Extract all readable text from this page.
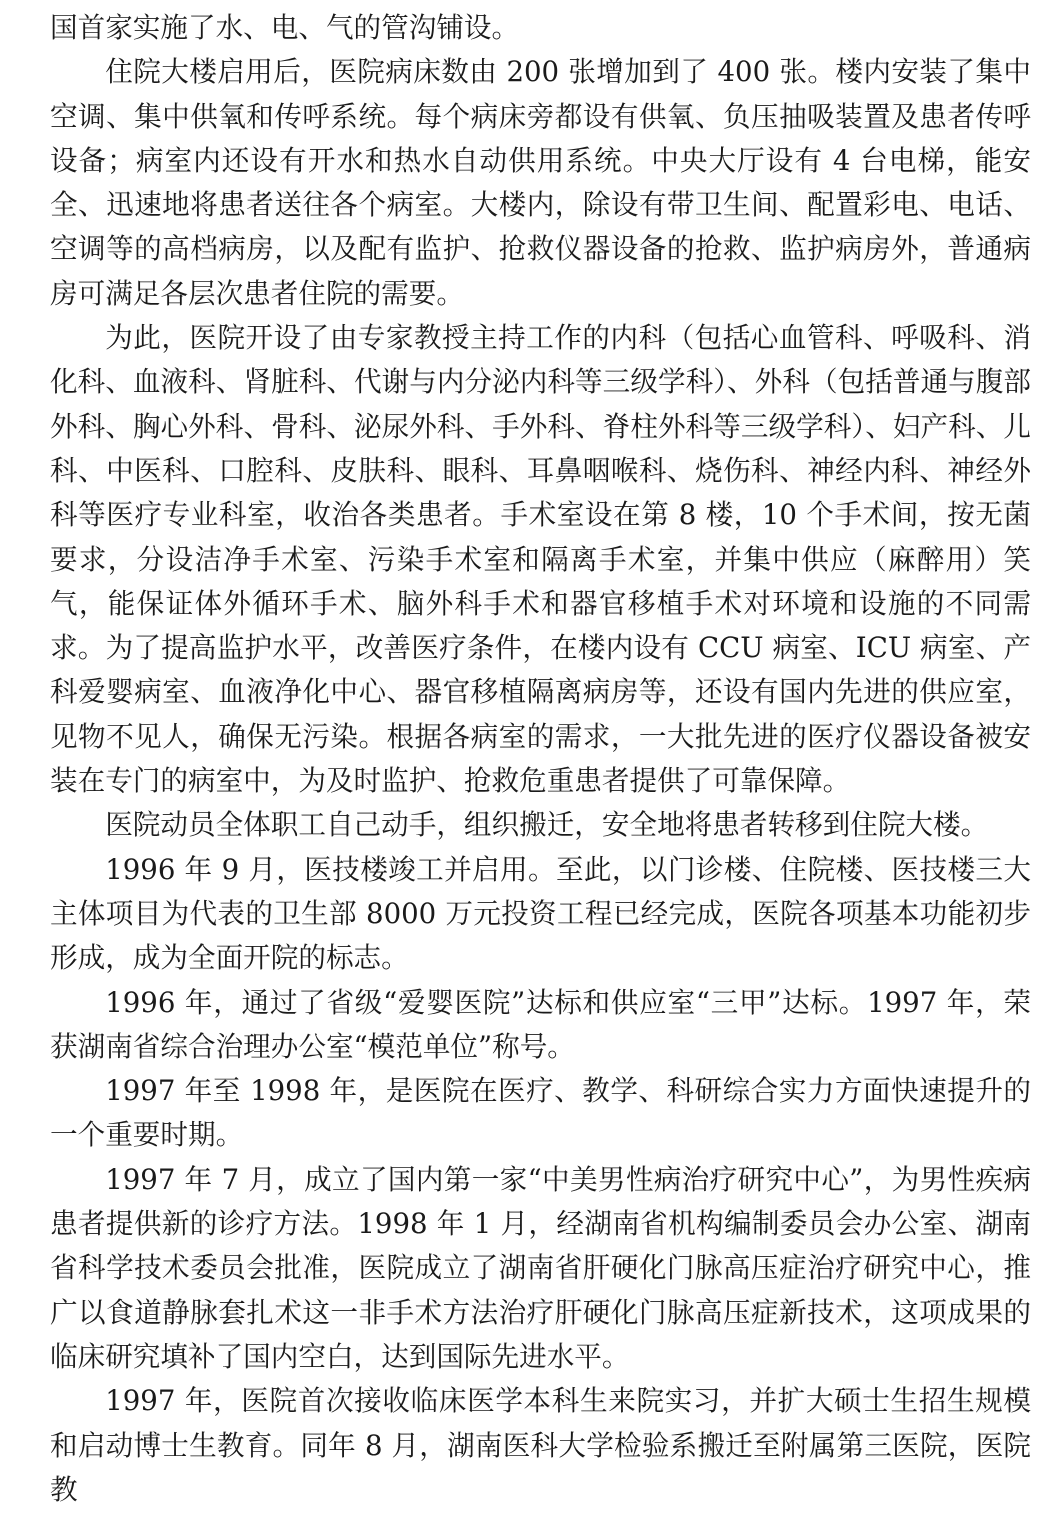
国首家实施了水、电、气的管沟铺设。

住院大楼启用后，医院病床数由 200 张增加到了 400 张。楼内安装了集中空调、集中供氧和传呼系统。每个病床旁都设有供氧、负压抽吸装置及患者传呼设备；病室内还设有开水和热水自动供用系统。中央大厅设有 4 台电梯，能安全、迅速地将患者送往各个病室。大楼内，除设有带卫生间、配置彩电、电话、空调等的高档病房，以及配有监护、抢救仪器设备的抢救、监护病房外，普通病房可满足各层次患者住院的需要。

为此，医院开设了由专家教授主持工作的内科（包括心血管科、呼吸科、消化科、血液科、肾脏科、代谢与内分泌内科等三级学科）、外科（包括普通与腹部外科、胸心外科、骨科、泌尿外科、手外科、脊柱外科等三级学科）、妇产科、儿科、中医科、口腔科、皮肤科、眼科、耳鼻咽喉科、烧伤科、神经内科、神经外科等医疗专业科室，收治各类患者。手术室设在第 8 楼，10 个手术间，按无菌要求，分设洁净手术室、污染手术室和隔离手术室，并集中供应（麻醉用）笑气，能保证体外循环手术、脑外科手术和器官移植手术对环境和设施的不同需求。为了提高监护水平，改善医疗条件，在楼内设有 CCU 病室、ICU 病室、产科爱婴病室、血液净化中心、器官移植隔离病房等，还设有国内先进的供应室，见物不见人，确保无污染。根据各病室的需求，一大批先进的医疗仪器设备被安装在专门的病室中，为及时监护、抢救危重患者提供了可靠保障。

医院动员全体职工自己动手，组织搬迁，安全地将患者转移到住院大楼。

1996 年 9 月，医技楼竣工并启用。至此，以门诊楼、住院楼、医技楼三大主体项目为代表的卫生部 8000 万元投资工程已经完成，医院各项基本功能初步形成，成为全面开院的标志。

1996 年，通过了省级“爱婴医院”达标和供应室“三甲”达标。1997 年，荣获湖南省综合治理办公室“模范单位”称号。

1997 年至 1998 年，是医院在医疗、教学、科研综合实力方面快速提升的一个重要时期。

1997 年 7 月，成立了国内第一家“中美男性病治疗研究中心”，为男性疾病患者提供新的诊疗方法。1998 年 1 月，经湖南省机构编制委员会办公室、湖南省科学技术委员会批准，医院成立了湖南省肝硬化门脉高压症治疗研究中心，推广以食道静脉套扎术这一非手术方法治疗肝硬化门脉高压症新技术，这项成果的临床研究填补了国内空白，达到国际先进水平。

1997 年，医院首次接收临床医学本科生来院实习，并扩大硕士生招生规模和启动博士生教育。同年 8 月，湖南医科大学检验系搬迁至附属第三医院，医院教
